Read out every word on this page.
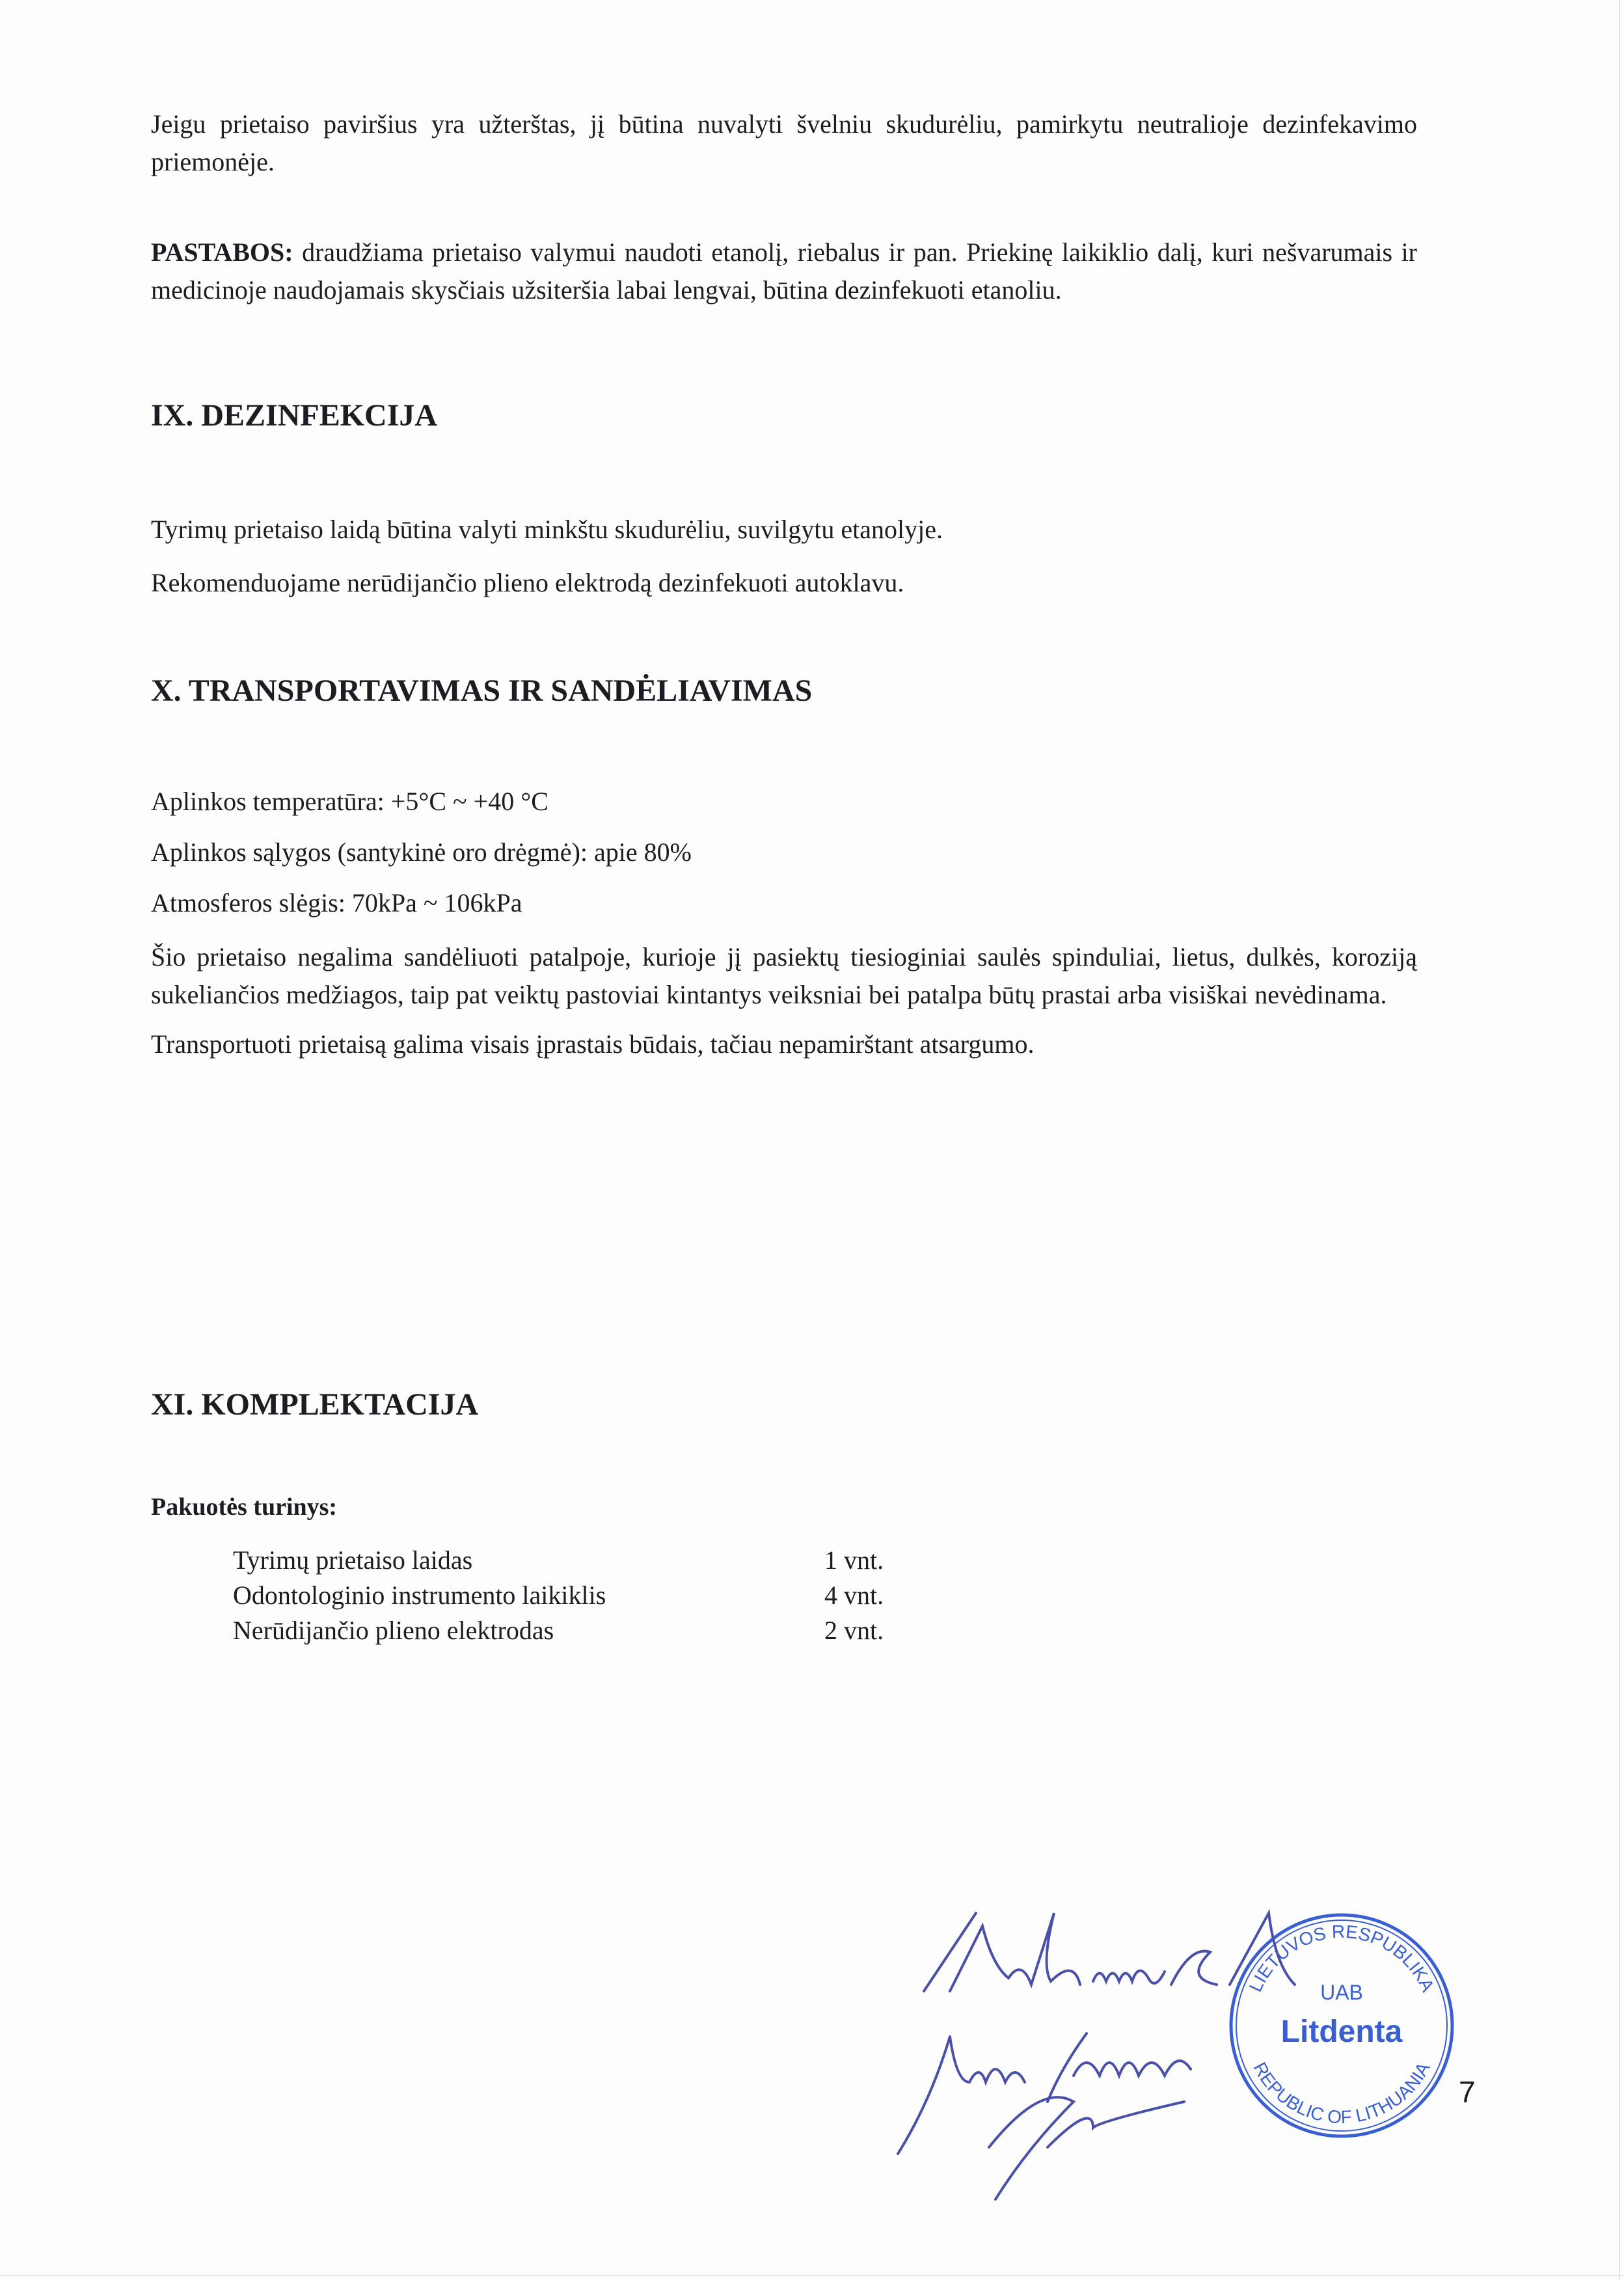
Jeigu prietaiso paviršius yra užterštas, jį būtina nuvalyti švelniu skudurėliu, pamirkytu neutralioje dezinfekavimo priemonėje.

PASTABOS: draudžiama prietaiso valymui naudoti etanolį, riebalus ir pan. Priekinę laikiklio dalį, kuri nešvarumais ir medicinoje naudojamais skysčiais užsiteršia labai lengvai, būtina dezinfekuoti etanoliu.

IX. DEZINFEKCIJA

Tyrimų prietaiso laidą būtina valyti minkštu skudurėliu, suvilgytu etanolyje.

Rekomenduojame nerūdijančio plieno elektrodą dezinfekuoti autoklavu.

X. TRANSPORTAVIMAS IR SANDĖLIAVIMAS

Aplinkos temperatūra: +5°C ~ +40 °C

Aplinkos sąlygos (santykinė oro drėgmė): apie 80%

Atmosferos slėgis: 70kPa ~ 106kPa

Šio prietaiso negalima sandėliuoti patalpoje, kurioje jį pasiektų tiesioginiai saulės spinduliai, lietus, dulkės, koroziją sukeliančios medžiagos, taip pat veiktų pastoviai kintantys veiksniai bei patalpa būtų prastai arba visiškai nevėdinama.

Transportuoti prietaisą galima visais įprastais būdais, tačiau nepamirštant atsargumo.

XI. KOMPLEKTACIJA

Pakuotės turinys:

Tyrimų prietaiso laidas	1 vnt.
Odontologinio instrumento laikiklis	4 vnt.
Nerūdijančio plieno elektrodas	2 vnt.
LIETUVOS RESPUBLIKA
REPUBLIC OF LITHUANIA
UAB
Litdenta
7
